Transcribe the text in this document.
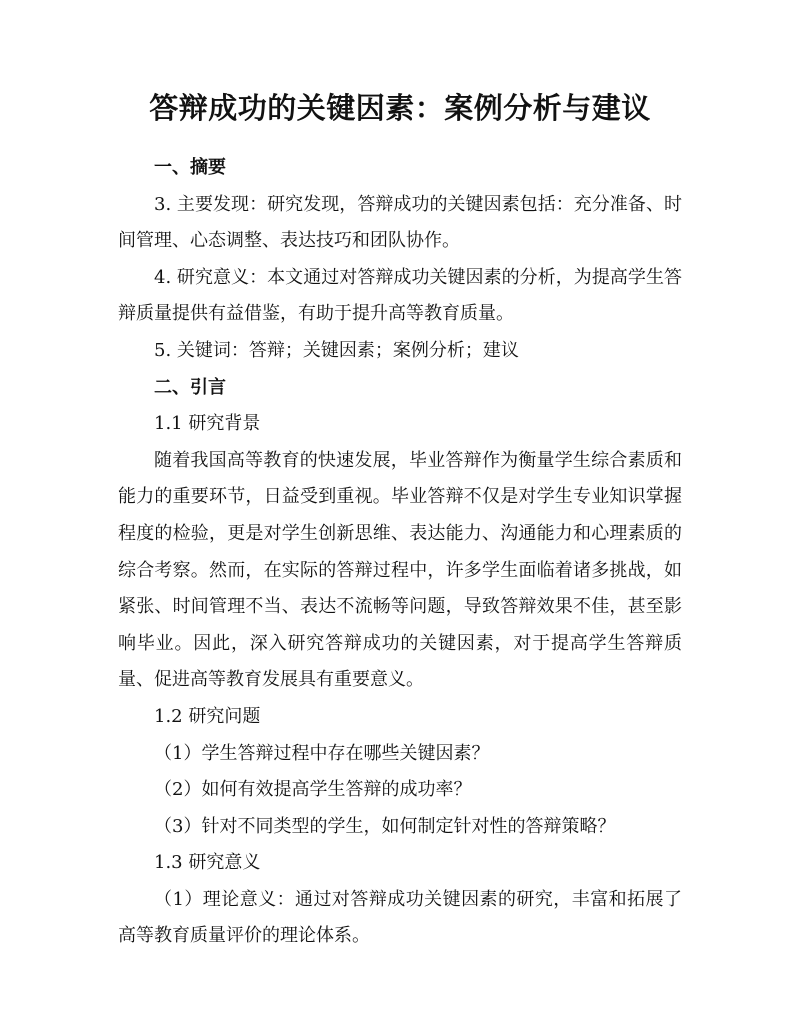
答辩成功的关键因素：案例分析与建议

一、摘要

3. 主要发现：研究发现，答辩成功的关键因素包括：充分准备、时间管理、心态调整、表达技巧和团队协作。

4. 研究意义：本文通过对答辩成功关键因素的分析，为提高学生答辩质量提供有益借鉴，有助于提升高等教育质量。

5. 关键词：答辩；关键因素；案例分析；建议

二、引言

1.1 研究背景

随着我国高等教育的快速发展，毕业答辩作为衡量学生综合素质和能力的重要环节，日益受到重视。毕业答辩不仅是对学生专业知识掌握程度的检验，更是对学生创新思维、表达能力、沟通能力和心理素质的综合考察。然而，在实际的答辩过程中，许多学生面临着诸多挑战，如紧张、时间管理不当、表达不流畅等问题，导致答辩效果不佳，甚至影响毕业。因此，深入研究答辩成功的关键因素，对于提高学生答辩质量、促进高等教育发展具有重要意义。

1.2 研究问题

（1）学生答辩过程中存在哪些关键因素？

（2）如何有效提高学生答辩的成功率？

（3）针对不同类型的学生，如何制定针对性的答辩策略？

1.3 研究意义

（1）理论意义：通过对答辩成功关键因素的研究，丰富和拓展了高等教育质量评价的理论体系。
